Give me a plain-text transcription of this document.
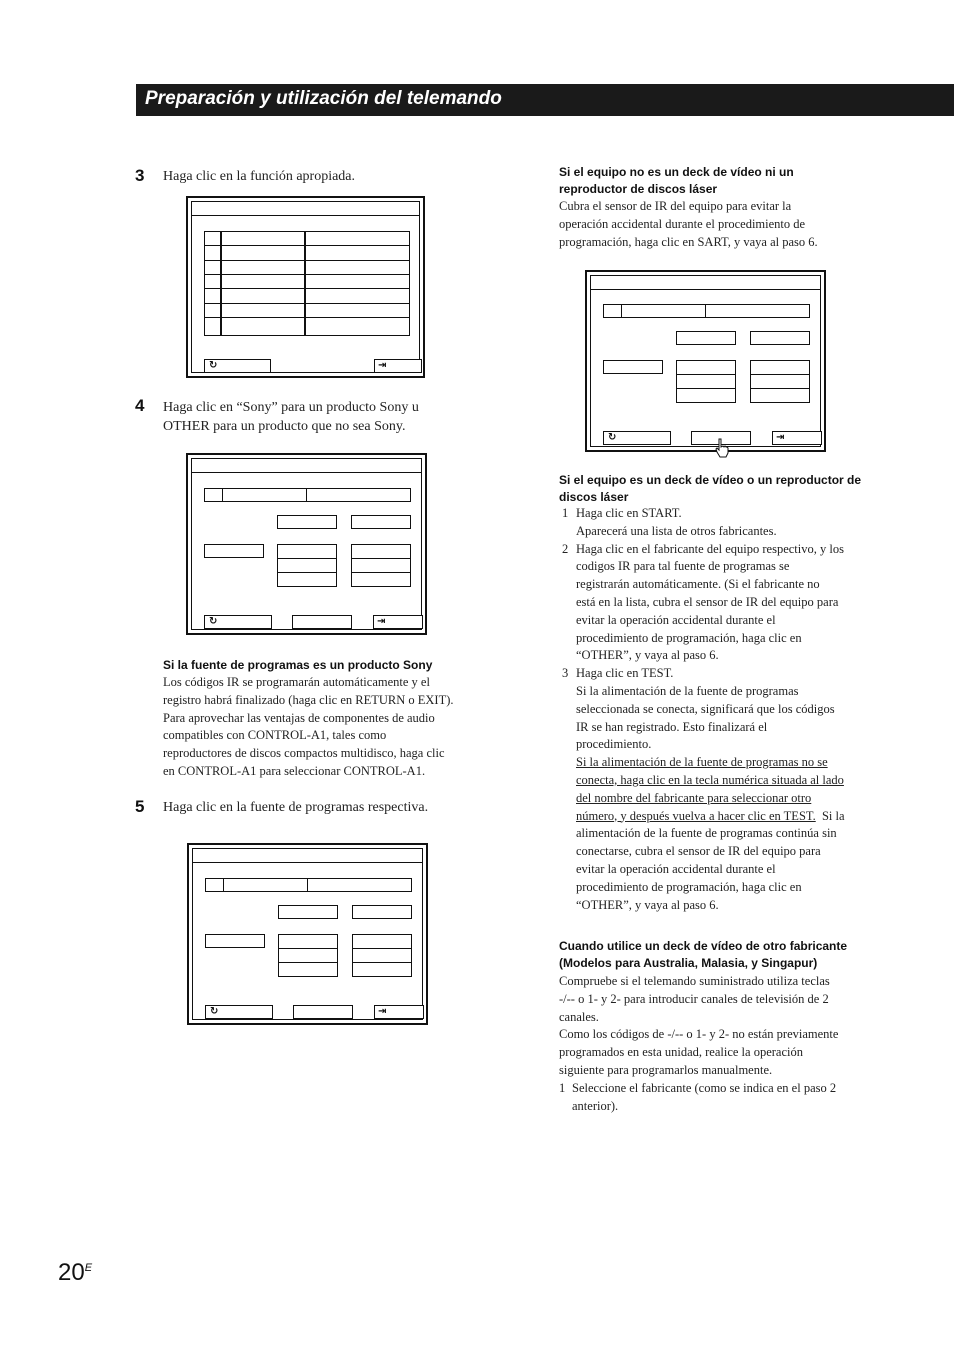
Preparación y utilización del telemando
3 Haga clic en la función apropiada.
↻	⇥
4 Haga clic en “Sony” para un producto Sony u
OTHER para un producto que no sea Sony.
↻	⇥
Si la fuente de programas es un producto Sony

Los códigos IR se programarán automáticamente y el

registro habrá finalizado (haga clic en RETURN o EXIT).

Para aprovechar las ventajas de componentes de audio

compatibles con CONTROL-A1, tales como

reproductores de discos compactos multidisco, haga clic

en CONTROL-A1 para seleccionar CONTROL-A1.

5 Haga clic en la fuente de programas respectiva.
↻	⇥
Si el equipo no es un deck de vídeo ni un
reproductor de discos láser

Cubra el sensor de IR del equipo para evitar la

operación accidental durante el procedimiento de

programación, haga clic en SART, y vaya al paso 6.

↻	⇥
Si el equipo es un deck de vídeo o un reproductor de
discos láser
1 Haga clic en START.

Aparecerá una lista de otros fabricantes.

2 Haga clic en el fabricante del equipo respectivo, y los

codigos IR para tal fuente de programas se

registrarán automáticamente. (Si el fabricante no

está en la lista, cubra el sensor de IR del equipo para

evitar la operación accidental durante el

procedimiento de programación, haga clic en

“OTHER”, y vaya al paso 6.

3 Haga clic en TEST.

Si la alimentación de la fuente de programas

seleccionada se conecta, significará que los códigos

IR se han registrado. Esto finalizará el

procedimiento.

Si la alimentación de la fuente de programas no se

conecta, haga clic en la tecla numérica situada al lado

del nombre del fabricante para seleccionar otro

número, y después vuelva a hacer clic en TEST.  Si la

alimentación de la fuente de programas continúa sin

conectarse, cubra el sensor de IR del equipo para

evitar la operación accidental durante el

procedimiento de programación, haga clic en

“OTHER”, y vaya al paso 6.

Cuando utilice un deck de vídeo de otro fabricante
(Modelos para Australia, Malasia, y Singapur)

Compruebe si el telemando suministrado utiliza teclas

-/-- o 1- y 2- para introducir canales de televisión de 2

canales.

Como los códigos de -/-- o 1- y 2- no están previamente

programados en esta unidad, realice la operación

siguiente para programarlos manualmente.

1 Seleccione el fabricante (como se indica en el paso 2

anterior).

$20^E$
